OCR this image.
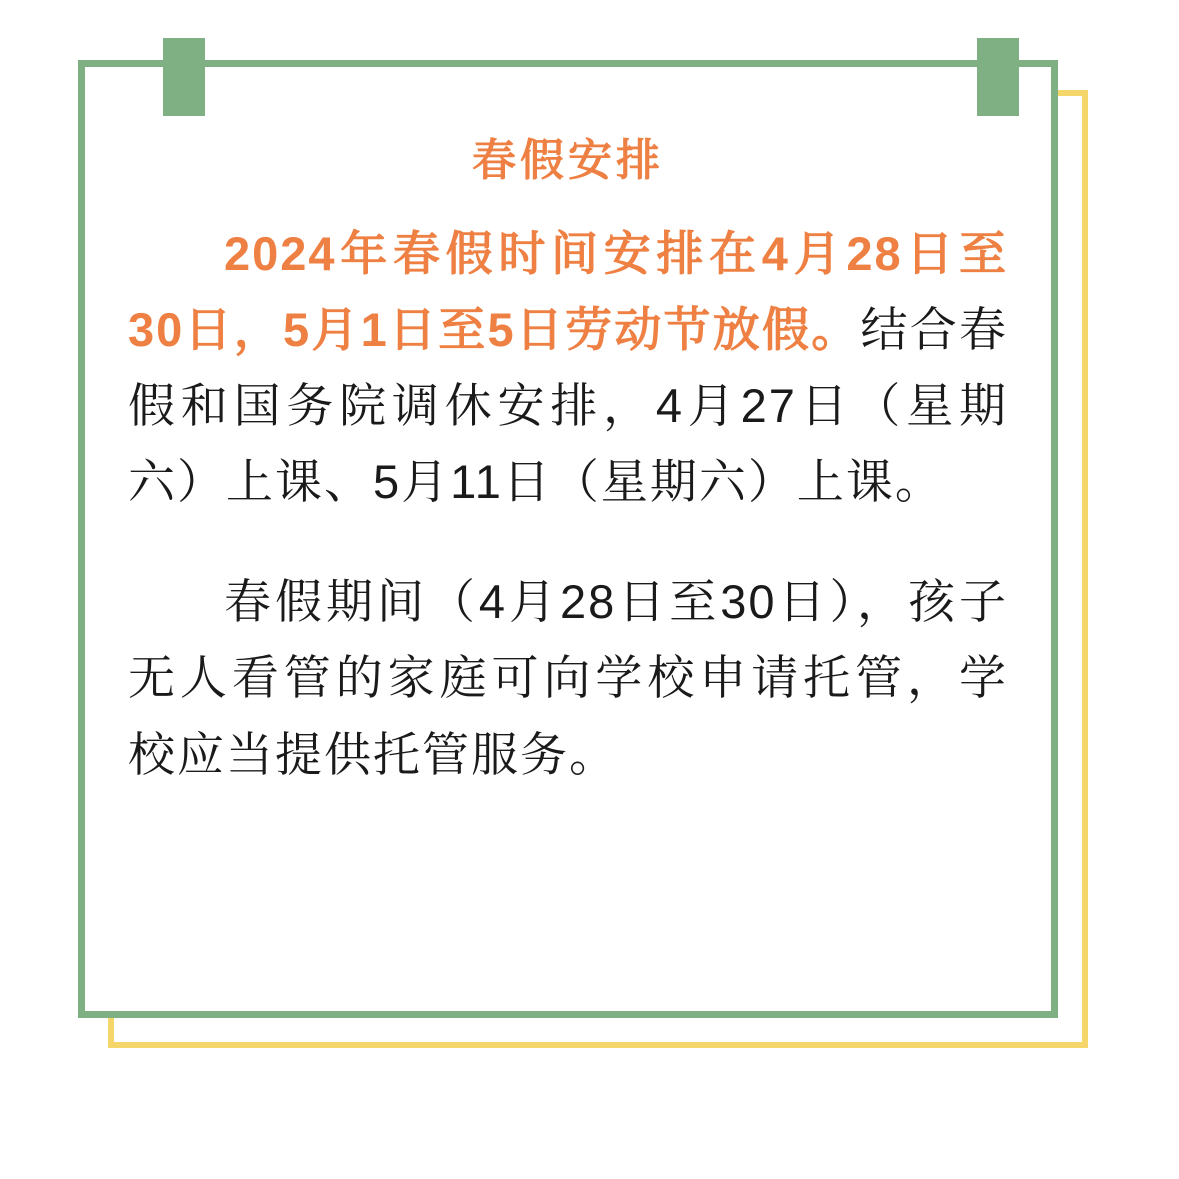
春假安排

2024年春假时间安排在4月28日至30日，5月1日至5日劳动节放假。结合春假和国务院调休安排，4月27日（星期六）上课、5月11日（星期六）上课。

春假期间（4月28日至30日），孩子无人看管的家庭可向学校申请托管，学校应当提供托管服务。
